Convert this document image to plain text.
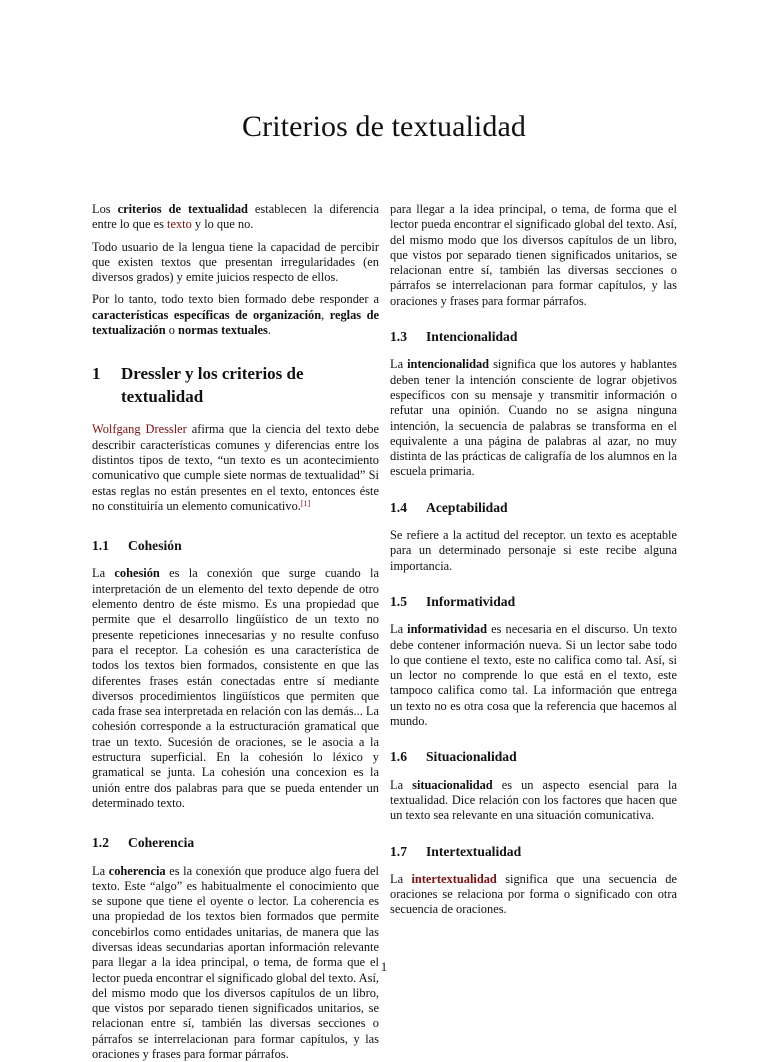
Criterios de textualidad

Los criterios de textualidad establecen la diferencia entre lo que es texto y lo que no.

Todo usuario de la lengua tiene la capacidad de percibir que existen textos que presentan irregularidades (en diversos grados) y emite juicios respecto de ellos.

Por lo tanto, todo texto bien formado debe responder a características específicas de organización, reglas de textualización o normas textuales.

1	Dressler y los criterios de textualidad

Wolfgang Dressler afirma que la ciencia del texto debe describir características comunes y diferencias entre los distintos tipos de texto, “un texto es un acontecimiento comunicativo que cumple siete normas de textualidad” Si estas reglas no están presentes en el texto, entonces éste no constituiría un elemento comunicativo.[1]

1.1	Cohesión

La cohesión es la conexión que surge cuando la interpretación de un elemento del texto depende de otro elemento dentro de éste mismo. Es una propiedad que permite que el desarrollo lingüístico de un texto no presente repeticiones innecesarias y no resulte confuso para el receptor. La cohesión es una característica de todos los textos bien formados, consistente en que las diferentes frases están conectadas entre sí mediante diversos procedimientos lingüísticos que permiten que cada frase sea interpretada en relación con las demás... La cohesión corresponde a la estructuración gramatical que trae un texto. Sucesión de oraciones, se le asocia a la estructura superficial. En la cohesión lo léxico y gramatical se junta. La cohesión una concexion es la unión entre dos palabras para que se pueda entender un determinado texto.

1.2	Coherencia

La coherencia es la conexión que produce algo fuera del texto. Este “algo” es habitualmente el conocimiento que se supone que tiene el oyente o lector. La coherencia es una propiedad de los textos bien formados que permite concebirlos como entidades unitarias, de manera que las diversas ideas secundarias aportan información relevante para llegar a la idea principal, o tema, de forma que el lector pueda encontrar el significado global del texto. Así, del mismo modo que los diversos capítulos de un libro, que vistos por separado tienen significados unitarios, se relacionan entre sí, también las diversas secciones o párrafos se interrelacionan para formar capítulos, y las oraciones y frases para formar párrafos.

para llegar a la idea principal, o tema, de forma que el lector pueda encontrar el significado global del texto. Así, del mismo modo que los diversos capítulos de un libro, que vistos por separado tienen significados unitarios, se relacionan entre sí, también las diversas secciones o párrafos se interrelacionan para formar capítulos, y las oraciones y frases para formar párrafos.

1.3	Intencionalidad

La intencionalidad significa que los autores y hablantes deben tener la intención consciente de lograr objetivos específicos con su mensaje y transmitir información o refutar una opinión. Cuando no se asigna ninguna intención, la secuencia de palabras se transforma en el equivalente a una página de palabras al azar, no muy distinta de las prácticas de caligrafía de los alumnos en la escuela primaria.

1.4	Aceptabilidad

Se refiere a la actitud del receptor. un texto es aceptable para un determinado personaje si este recibe alguna importancia.

1.5	Informatividad

La informatividad es necesaria en el discurso. Un texto debe contener información nueva. Si un lector sabe todo lo que contiene el texto, este no califica como tal. Así, si un lector no comprende lo que está en el texto, este tampoco califica como tal. La información que entrega un texto no es otra cosa que la referencia que hacemos al mundo.

1.6	Situacionalidad

La situacionalidad es un aspecto esencial para la textualidad. Dice relación con los factores que hacen que un texto sea relevante en una situación comunicativa.

1.7	Intertextualidad

La intertextualidad significa que una secuencia de oraciones se relaciona por forma o significado con otra secuencia de oraciones.

1
